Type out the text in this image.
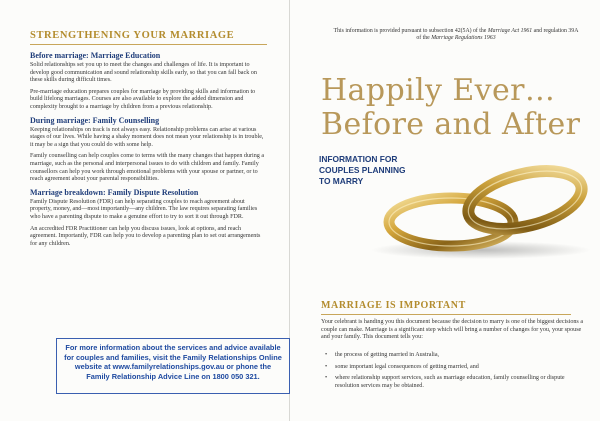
STRENGTHENING YOUR MARRIAGE
Before marriage: Marriage Education

Solid relationships set you up to meet the changes and challenges of life. It is important to develop good communication and sound relationship skills early, so that you can fall back on these skills during difficult times.

Pre-marriage education prepares couples for marriage by providing skills and information to build lifelong marriages. Courses are also available to explore the added dimension and complexity brought to a marriage by children from a previous relationship.

During marriage: Family Counselling

Keeping relationships on track is not always easy. Relationship problems can arise at various stages of our lives. While having a shaky moment does not mean your relationship is in trouble, it may be a sign that you could do with some help.

Family counselling can help couples come to terms with the many changes that happen during a marriage, such as the personal and interpersonal issues to do with children and family. Family counsellors can help you work through emotional problems with your spouse or partner, or to reach agreement about your parental responsibilities.

Marriage breakdown: Family Dispute Resolution

Family Dispute Resolution (FDR) can help separating couples to reach agreement about property, money, and—most importantly—any children. The law requires separating families who have a parenting dispute to make a genuine effort to try to sort it out through FDR.

An accredited FDR Practitioner can help you discuss issues, look at options, and reach agreement. Importantly, FDR can help you to develop a parenting plan to set out arrangements for any children.

For more information about the services and advice available for couples and families, visit the Family Relationships Online website at www.familyrelationships.gov.au or phone the Family Relationship Advice Line on 1800 050 321.
This information is provided pursuant to subsection 42(5A) of the Marriage Act 1961 and regulation 39A of the Marriage Regulations 1963
Happily Ever…
Before and After
INFORMATION FOR
COUPLES PLANNING
TO MARRY
MARRIAGE IS IMPORTANT

Your celebrant is handing you this document because the decision to marry is one of the biggest decisions a couple can make. Marriage is a significant step which will bring a number of changes for you, your spouse and your family. This document tells you:

• the process of getting married in Australia,
• some important legal consequences of getting married, and
• where relationship support services, such as marriage education, family counselling or dispute resolution services may be obtained.
